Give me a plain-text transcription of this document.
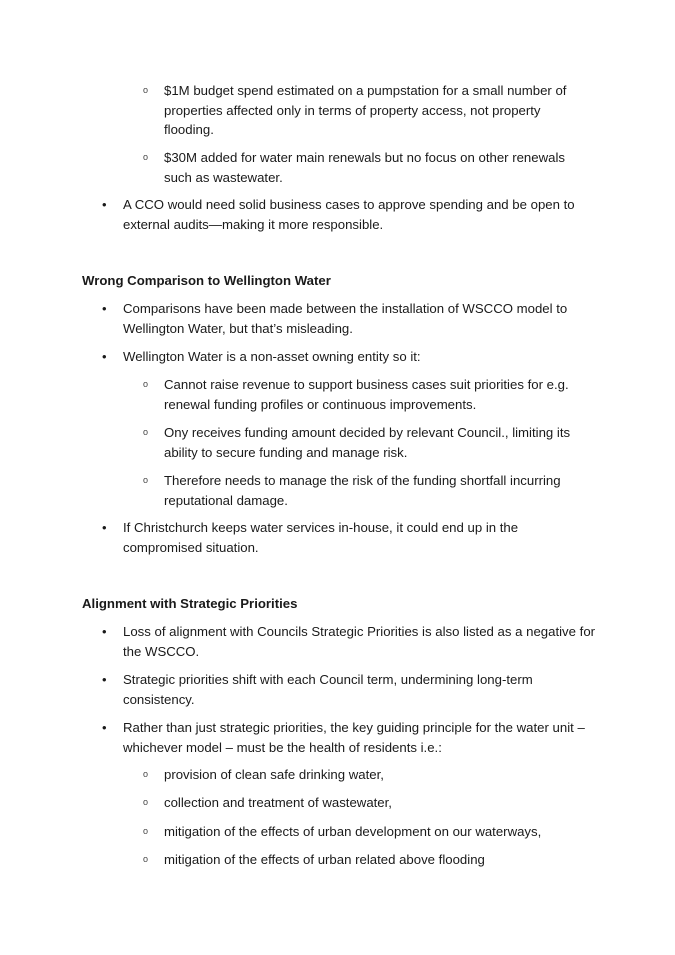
o $1M budget spend estimated on a pumpstation for a small number of properties affected only in terms of property access, not property flooding.

o $30M added for water main renewals but no focus on other renewals such as wastewater.

• A CCO would need solid business cases to approve spending and be open to external audits—making it more responsible.

Wrong Comparison to Wellington Water
• Comparisons have been made between the installation of WSCCO model to Wellington Water, but that’s misleading.

• Wellington Water is a non-asset owning entity so it:

o Cannot raise revenue to support business cases suit priorities for e.g. renewal funding profiles or continuous improvements.

o Ony receives funding amount decided by relevant Council., limiting its ability to secure funding and manage risk.

o Therefore needs to manage the risk of the funding shortfall incurring reputational damage.

• If Christchurch keeps water services in-house, it could end up in the compromised situation.

Alignment with Strategic Priorities
• Loss of alignment with Councils Strategic Priorities is also listed as a negative for the WSCCO.

• Strategic priorities shift with each Council term, undermining long-term consistency.

• Rather than just strategic priorities, the key guiding principle for the water unit – whichever model – must be the health of residents i.e.:

o provision of clean safe drinking water,

o collection and treatment of wastewater,

o mitigation of the effects of urban development on our waterways,

o mitigation of the effects of urban related above flooding
